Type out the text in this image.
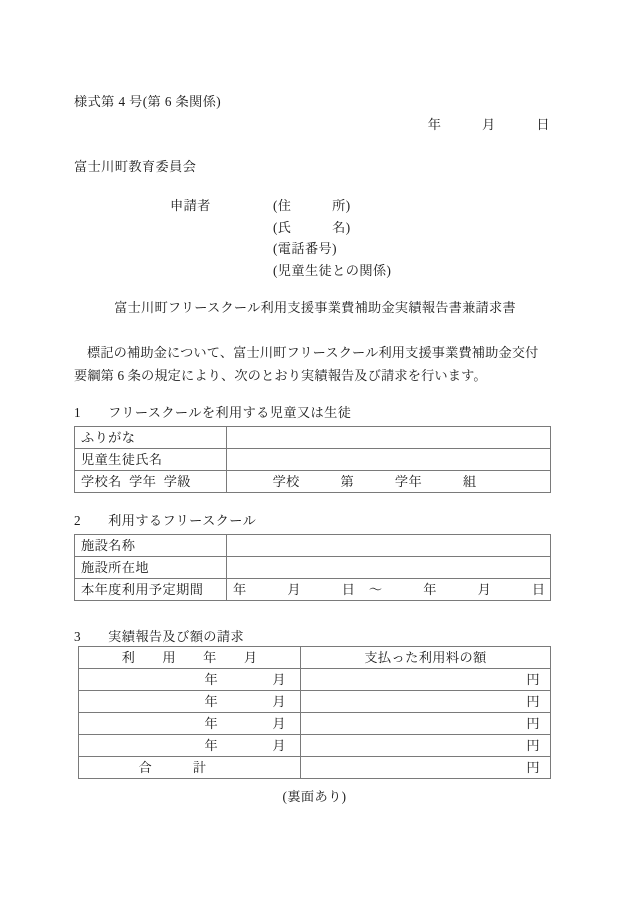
様式第 4 号(第 6 条関係)
年　　　月　　　日
富士川町教育委員会
申請者	(住　　　所)
(氏　　　名)
(電話番号)
(児童生徒との関係)
富士川町フリースクール利用支援事業費補助金実績報告書兼請求書
標記の補助金について、富士川町フリースクール利用支援事業費補助金交付
要綱第 6 条の規定により、次のとおり実績報告及び請求を行います。
1　　フリースクールを利用する児童又は生徒
ふりがな	
児童生徒氏名	
学校名  学年  学級	学校　　　第　　　学年　　　組
2　　利用するフリースクール
施設名称	
施設所在地	
本年度利用予定期間	年　　　月　　　日　～　　　年　　　月　　　日
3　　実績報告及び額の請求
利　　用　　年　　月	支払った利用料の額
年　　　　月	円
年　　　　月	円
年　　　　月	円
年　　　　月	円
合　　　計	円
(裏面あり)
